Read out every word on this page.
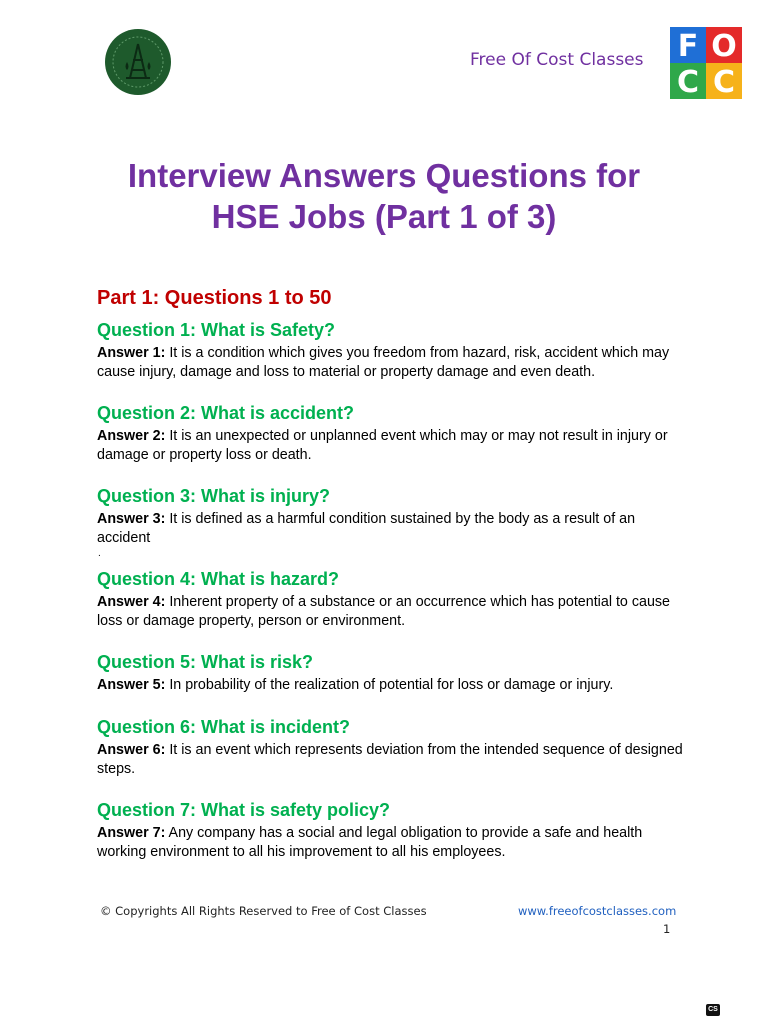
Free Of Cost Classes F O
C C
Interview Answers Questions for
HSE Jobs (Part 1 of 3)
Part 1: Questions 1 to 50

Question 1: What is Safety?

Answer 1: It is a condition which gives you freedom from hazard, risk, accident which may cause injury, damage and loss to material or property damage and even death.

Question 2: What is accident?

Answer 2: It is an unexpected or unplanned event which may or may not result in injury or damage or property loss or death.

Question 3: What is injury?

Answer 3: It is defined as a harmful condition sustained by the body as a result of an accident

.

Question 4: What is hazard?

Answer 4: Inherent property of a substance or an occurrence which has potential to cause loss or damage property, person or environment.

Question 5: What is risk?

Answer 5: In probability of the realization of potential for loss or damage or injury.

Question 6: What is incident?

Answer 6: It is an event which represents deviation from the intended sequence of designed steps.

Question 7: What is safety policy?

Answer 7: Any company has a social and legal obligation to provide a safe and health working environment to all his improvement to all his employees.

© Copyrights All Rights Reserved to Free of Cost Classes	www.freeofcostclasses.com
1
CS
